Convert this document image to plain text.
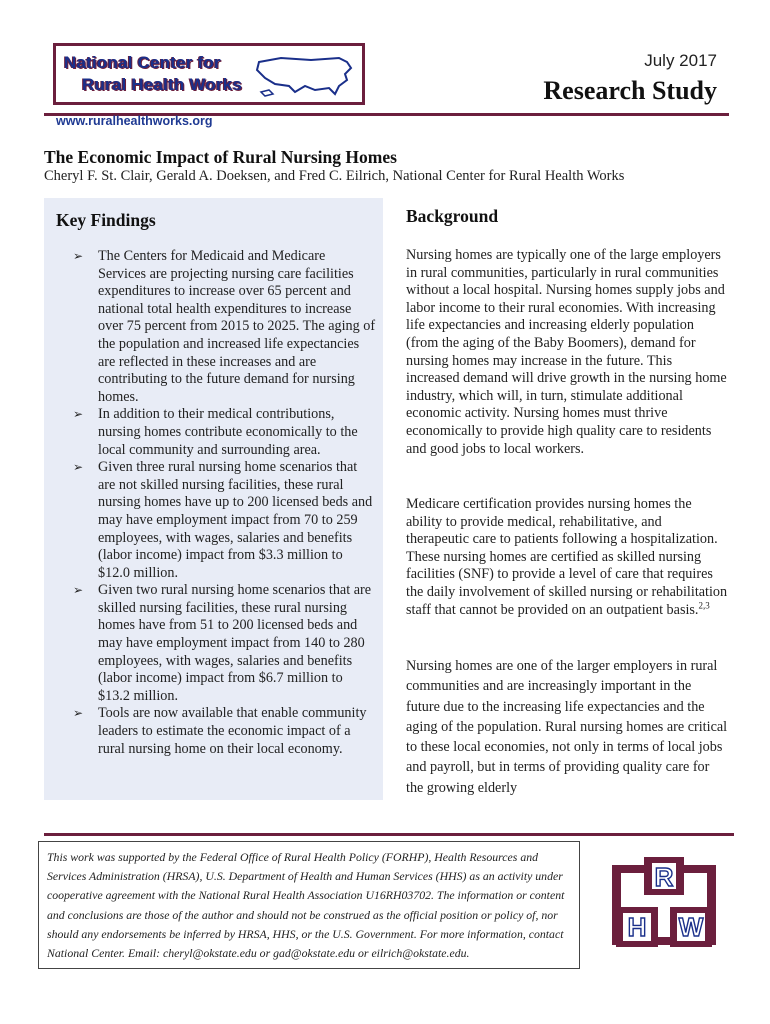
National Center for
Rural Health Works
July 2017
Research Study
www.ruralhealthworks.org
The Economic Impact of Rural Nursing Homes
Cheryl F. St. Clair, Gerald A. Doeksen, and Fred C. Eilrich, National Center for Rural Health Works
Key Findings
➢ The Centers for Medicaid and Medicare Services are projecting nursing care facilities expenditures to increase over 65 percent and national total health expenditures to increase over 75 percent from 2015 to 2025. The aging of the population and increased life expectancies are reflected in these increases and are contributing to the future demand for nursing homes.
➢ In addition to their medical contributions, nursing homes contribute economically to the local community and surrounding area.
➢ Given three rural nursing home scenarios that are not skilled nursing facilities, these rural nursing homes have up to 200 licensed beds and may have employment impact from 70 to 259 employees, with wages, salaries and benefits (labor income) impact from $3.3 million to $12.0 million.
➢ Given two rural nursing home scenarios that are skilled nursing facilities, these rural nursing homes have from 51 to 200 licensed beds and may have employment impact from 140 to 280 employees, with wages, salaries and benefits (labor income) impact from $6.7 million to $13.2 million.
➢ Tools are now available that enable community leaders to estimate the economic impact of a rural nursing home on their local economy.
Background

Nursing homes are typically one of the large employers in rural communities, particularly in rural communities without a local hospital. Nursing homes supply jobs and labor income to their rural economies. With increasing life expectancies and increasing elderly population (from the aging of the Baby Boomers), demand for nursing homes may increase in the future. This increased demand will drive growth in the nursing home industry, which will, in turn, stimulate additional economic activity. Nursing homes must thrive economically to provide high quality care to residents and good jobs to local workers.

Medicare certification provides nursing homes the ability to provide medical, rehabilitative, and therapeutic care to patients following a hospitalization. These nursing homes are certified as skilled nursing facilities (SNF) to provide a level of care that requires the daily involvement of skilled nursing or rehabilitation staff that cannot be provided on an outpatient basis.$^{2,3}$

Nursing homes are one of the larger employers in rural communities and are increasingly important in the future due to the increasing life expectancies and the aging of the population. Rural nursing homes are critical to these local economies, not only in terms of local jobs and payroll, but in terms of providing quality care for the growing elderly

This work was supported by the Federal Office of Rural Health Policy (FORHP), Health Resources and Services Administration (HRSA), U.S. Department of Health and Human Services (HHS) as an activity under cooperative agreement with the National Rural Health Association U16RH03702. The information or content and conclusions are those of the author and should not be construed as the official position or policy of, nor should any endorsements be inferred by HRSA, HHS, or the U.S. Government. For more information, contact National Center. Email: cheryl@okstate.edu or gad@okstate.edu or eilrich@okstate.edu.

R
H W
